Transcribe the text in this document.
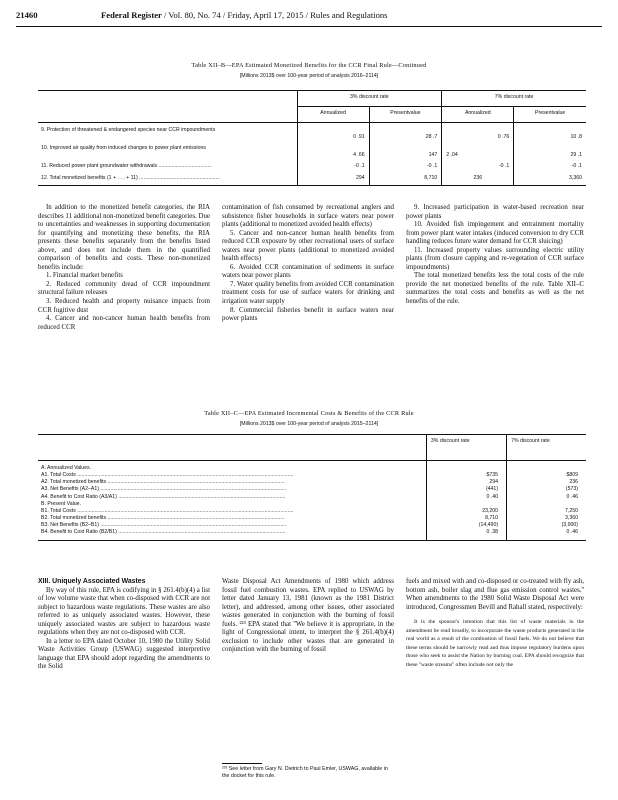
21460	Federal Register / Vol. 80, No. 74 / Friday, April 17, 2015 / Rules and Regulations
Table XII–B—EPA Estimated Monetized Benefits for the CCR Final Rule—Continued
[Millions 2013$ over 100-year period of analysis 2016–2114]
	3% discount rate		7% discount rate	
	Annualized	Presentvalue	Annualized	Presentvalue
9. Protection of threatened & endangered species near CCR impoundments	0 .91	28 .7	0 .76	10 .8
10. Improved air quality from induced changes to power plant emissions	4 .66	147	2 .04	29 .1
11. Reduced power plant groundwater withdrawals .....................................	-0 .1	-0 .1	-0 .1	-0 .1
12. Total monetized benefits (1 + . . . + 11) ........................................................	294	8,710	236	3,360

In addition to the monetized benefit categories, the RIA describes 11 additional non-monetized benefit categories. Due to uncertainties and weaknesses in supporting documentation for quantifying and monetizing these benefits, the RIA presents these benefits separately from the benefits listed above, and does not include them in the quantified comparison of benefits and costs. These non-monetized benefits include:

1. Financial market benefits

2. Reduced community dread of CCR impoundment structural failure releases

3. Reduced health and property nuisance impacts from CCR fugitive dust

4. Cancer and non-cancer human health benefits from reduced CCR

contamination of fish consumed by recreational anglers and subsistence fisher households in surface waters near power plants (additional to monetized avoided health effects)

5. Cancer and non-cancer human health benefits from reduced CCR exposure by other recreational users of surface waters near power plants (additional to monetized avoided health effects)

6. Avoided CCR contamination of sediments in surface waters near power plants

7. Water quality benefits from avoided CCR contamination treatment costs for use of surface waters for drinking and irrigation water supply

8. Commercial fisheries benefit in surface waters near power plants

9. Increased participation in water-based recreation near power plants

10. Avoided fish impingement and entrainment mortality from power plant water intakes (induced conversion to dry CCR handling reduces future water demand for CCR sluicing)

11. Increased property values surrounding electric utility plants (from closure capping and re-vegetation of CCR surface impoundments)

The total monetized benefits less the total costs of the rule provide the net monetized benefits of the rule. Table XII–C summarizes the total costs and benefits as well as the net benefits of the rule.

Table XII–C—EPA Estimated Incremental Costs & Benefits of the CCR Rule
[Millions 2013$ over 100-year period of analysis 2015–2114]
	3% discount rate	7% discount rate

A. Annualized Values.		
A1. Total Costs ......................................................................................................................................................	$735	$809
A2. Total monetized benefits ...........................................................................................................................	294	236
A3. Net Benefits (A2–A1) .................................................................................................................................	(441)	(573)
A4. Benefit to Cost Ratio (A3/A1) ....................................................................................................................	0 .40	0 .46
B. Present Value.		
B1. Total Costs ......................................................................................................................................................	23,200	7,250
B2. Total monetized benefits ...........................................................................................................................	8,710	3,360
B3. Net Benefits (B2–B1) .................................................................................................................................	(14,490)	(3,900)
B4. Benefit to Cost Ratio (B2/B1) ....................................................................................................................	0 .38	0 .46

XIII. Uniquely Associated Wastes

By way of this rule, EPA is codifying in § 261.4(b)(4) a list of low volume waste that when co-disposed with CCR are not subject to hazardous waste regulations. These wastes are also referred to as uniquely associated wastes. However, these uniquely associated wastes are subject to hazardous waste regulations when they are not co-disposed with CCR.

In a letter to EPA dated October 10, 1980 the Utility Solid Waste Activities Group (USWAG) suggested interpretive language that EPA should adopt regarding the amendments to the Solid

Waste Disposal Act Amendments of 1980 which address fossil fuel combustion wastes. EPA replied to USWAG by letter dated January 13, 1981 (known as the 1981 District letter), and addressed, among other issues, other associated wastes generated in conjunction with the burning of fossil fuels. ²²³ EPA stated that ''We believe it is appropriate, in the light of Congressional intent, to interpret the § 261.4(b)(4) exclusion to include other wastes that are generated in conjunction with the burning of fossil

²²³ See letter from Gary N. Dietrich to Paul Emler, USWAG, available in the docket for this rule.

fuels and mixed with and co-disposed or co-treated with fly ash, bottom ash, boiler slag and flue gas emission control wastes.'' When amendments to the 1980 Solid Waste Disposal Act were introduced, Congressmen Bevill and Rahall stated, respectively:

It is the sponsor's intention that this list of waste materials in the amendment be read broadly, to incorporate the waste products generated in the real world as a result of the combustion of fossil fuels. We do not believe that these terms should be narrowly read and thus impose regulatory burdens upon those who seek to assist the Nation by burning coal. EPA should recognize that these ''waste streams'' often include not only the
